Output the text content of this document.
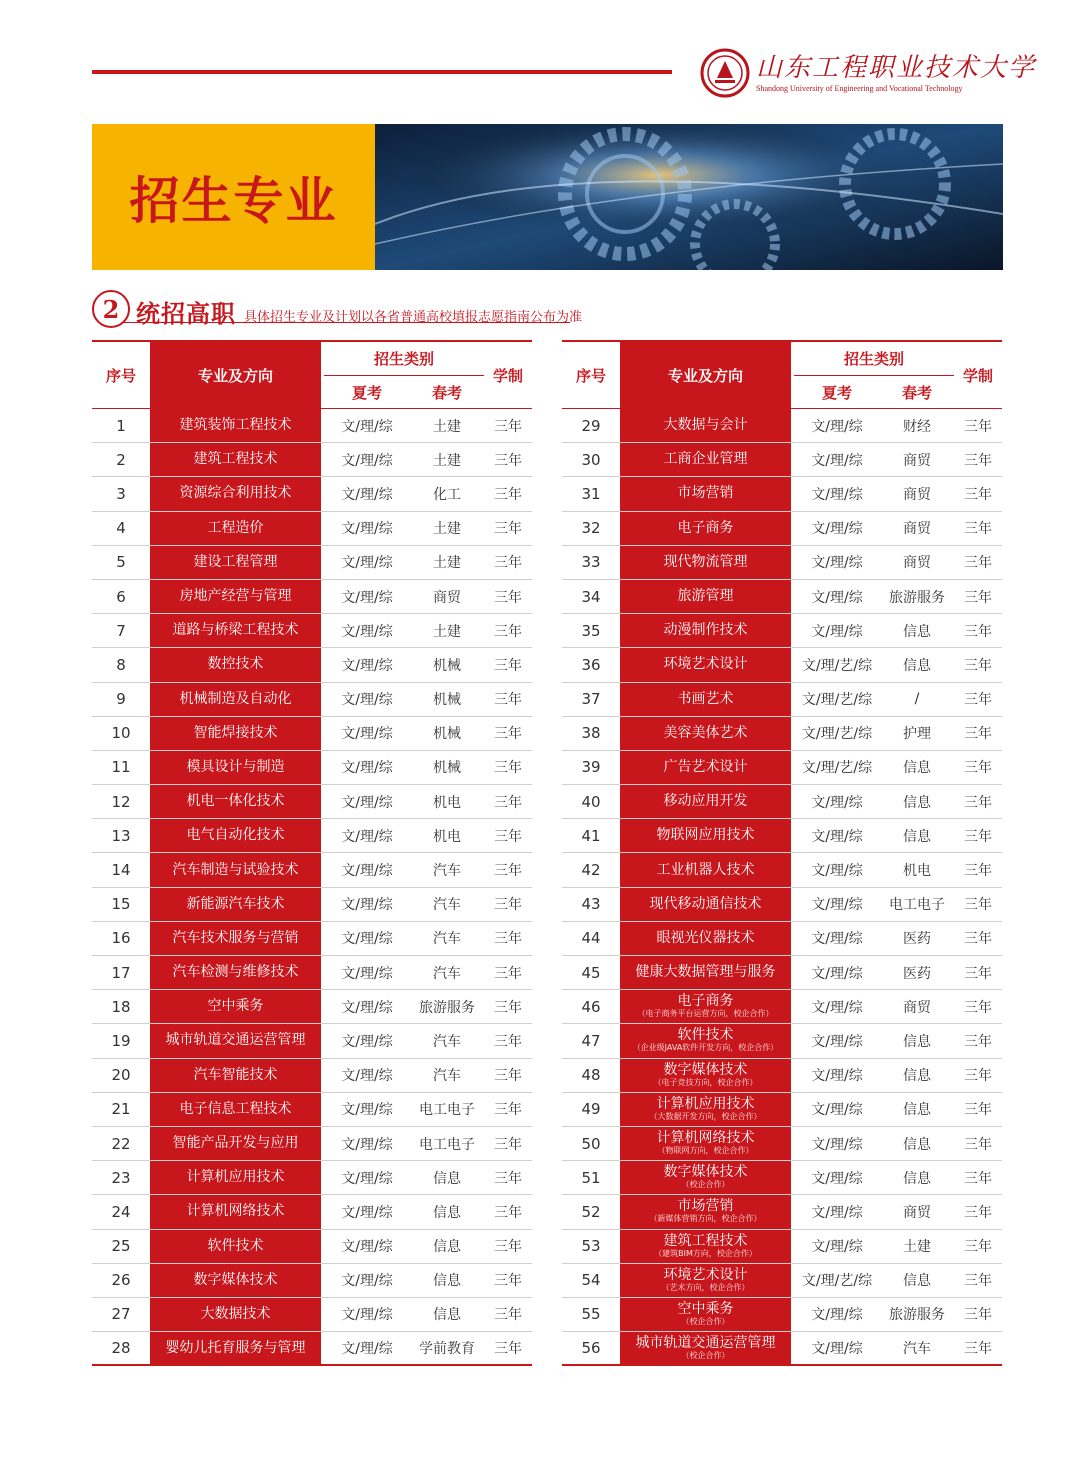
山东工程职业技术大学
Shandong University of Engineering and Vocational Technology
招生专业
2 统招高职 具体招生专业及计划以各省普通高校填报志愿指南公布为准
序号	专业及方向
招生类别
夏考	春考
学制
1	建筑装饰工程技术	文/理/综	土建	三年
2	建筑工程技术	文/理/综	土建	三年
3	资源综合利用技术	文/理/综	化工	三年
4	工程造价	文/理/综	土建	三年
5	建设工程管理	文/理/综	土建	三年
6	房地产经营与管理	文/理/综	商贸	三年
7	道路与桥梁工程技术	文/理/综	土建	三年
8	数控技术	文/理/综	机械	三年
9	机械制造及自动化	文/理/综	机械	三年
10	智能焊接技术	文/理/综	机械	三年
11	模具设计与制造	文/理/综	机械	三年
12	机电一体化技术	文/理/综	机电	三年
13	电气自动化技术	文/理/综	机电	三年
14	汽车制造与试验技术	文/理/综	汽车	三年
15	新能源汽车技术	文/理/综	汽车	三年
16	汽车技术服务与营销	文/理/综	汽车	三年
17	汽车检测与维修技术	文/理/综	汽车	三年
18	空中乘务	文/理/综	旅游服务	三年
19	城市轨道交通运营管理	文/理/综	汽车	三年
20	汽车智能技术	文/理/综	汽车	三年
21	电子信息工程技术	文/理/综	电工电子	三年
22	智能产品开发与应用	文/理/综	电工电子	三年
23	计算机应用技术	文/理/综	信息	三年
24	计算机网络技术	文/理/综	信息	三年
25	软件技术	文/理/综	信息	三年
26	数字媒体技术	文/理/综	信息	三年
27	大数据技术	文/理/综	信息	三年
28	婴幼儿托育服务与管理	文/理/综	学前教育	三年
序号	专业及方向
招生类别
夏考	春考
学制
29	大数据与会计	文/理/综	财经	三年
30	工商企业管理	文/理/综	商贸	三年
31	市场营销	文/理/综	商贸	三年
32	电子商务	文/理/综	商贸	三年
33	现代物流管理	文/理/综	商贸	三年
34	旅游管理	文/理/综	旅游服务	三年
35	动漫制作技术	文/理/综	信息	三年
36	环境艺术设计	文/理/艺/综	信息	三年
37	书画艺术	文/理/艺/综	/	三年
38	美容美体艺术	文/理/艺/综	护理	三年
39	广告艺术设计	文/理/艺/综	信息	三年
40	移动应用开发	文/理/综	信息	三年
41	物联网应用技术	文/理/综	信息	三年
42	工业机器人技术	文/理/综	机电	三年
43	现代移动通信技术	文/理/综	电工电子	三年
44	眼视光仪器技术	文/理/综	医药	三年
45	健康大数据管理与服务	文/理/综	医药	三年
46	电子商务
（电子商务平台运营方向，校企合作）	文/理/综	商贸	三年
47	软件技术
（企业级JAVA软件开发方向，校企合作）	文/理/综	信息	三年
48	数字媒体技术
（电子竞技方向，校企合作）	文/理/综	信息	三年
49	计算机应用技术
（大数据开发方向，校企合作）	文/理/综	信息	三年
50	计算机网络技术
（物联网方向，校企合作）	文/理/综	信息	三年
51	数字媒体技术
（校企合作）	文/理/综	信息	三年
52	市场营销
（新媒体营销方向，校企合作）	文/理/综	商贸	三年
53	建筑工程技术
（建筑BIM方向，校企合作）	文/理/综	土建	三年
54	环境艺术设计
（艺术方向，校企合作）	文/理/艺/综	信息	三年
55	空中乘务
（校企合作）	文/理/综	旅游服务	三年
56	城市轨道交通运营管理
（校企合作）	文/理/综	汽车	三年
